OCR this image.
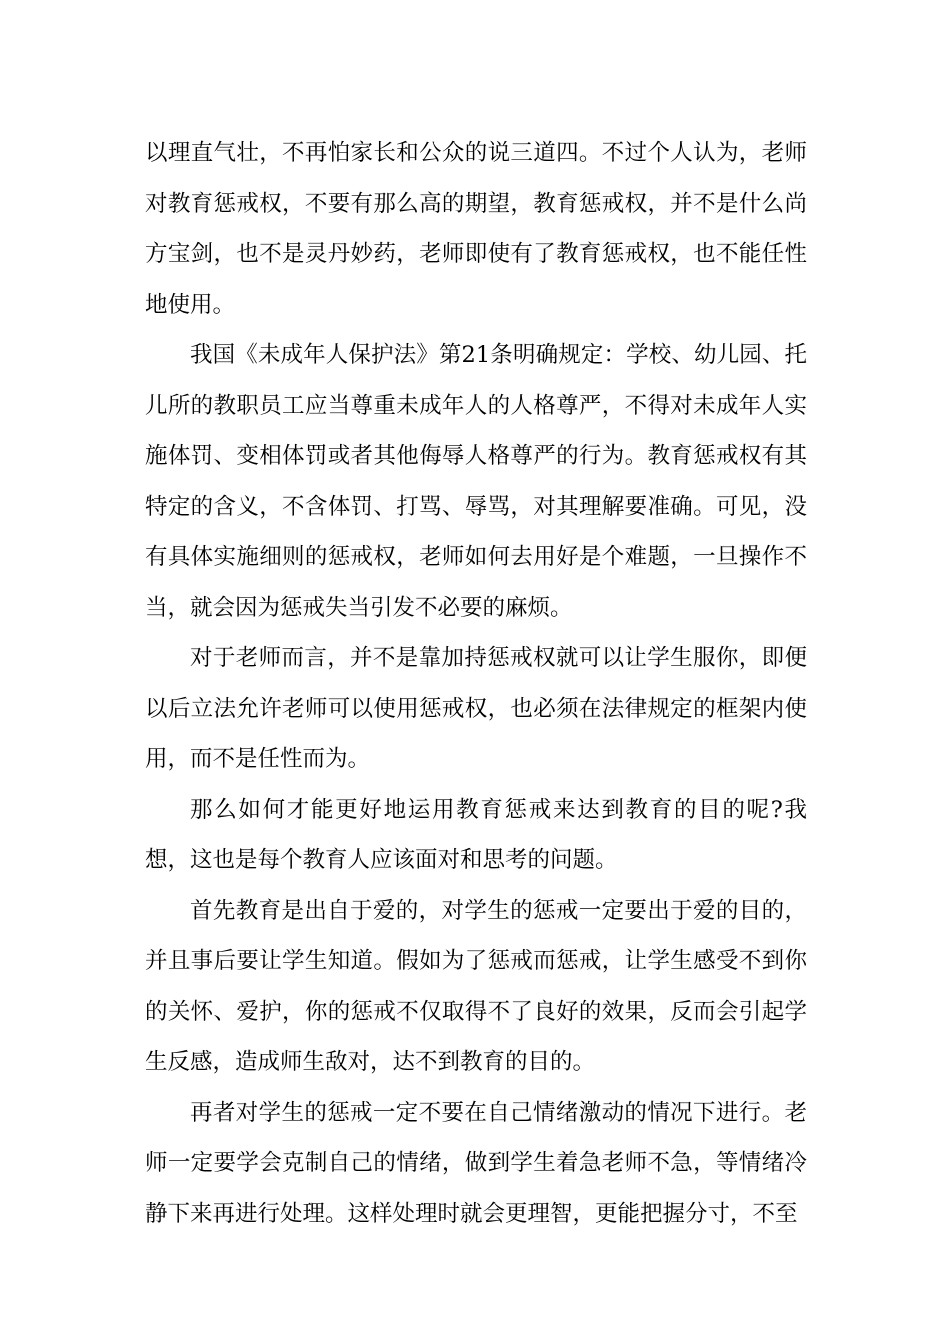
以理直气壮，不再怕家长和公众的说三道四。不过个人认为，老师对教育惩戒权，不要有那么高的期望，教育惩戒权，并不是什么尚方宝剑，也不是灵丹妙药，老师即使有了教育惩戒权，也不能任性地使用。

我国《未成年人保护法》第21条明确规定：学校、幼儿园、托儿所的教职员工应当尊重未成年人的人格尊严，不得对未成年人实施体罚、变相体罚或者其他侮辱人格尊严的行为。教育惩戒权有其特定的含义，不含体罚、打骂、辱骂，对其理解要准确。可见，没有具体实施细则的惩戒权，老师如何去用好是个难题，一旦操作不当，就会因为惩戒失当引发不必要的麻烦。

对于老师而言，并不是靠加持惩戒权就可以让学生服你，即便以后立法允许老师可以使用惩戒权，也必须在法律规定的框架内使用，而不是任性而为。

那么如何才能更好地运用教育惩戒来达到教育的目的呢?我想，这也是每个教育人应该面对和思考的问题。

首先教育是出自于爱的，对学生的惩戒一定要出于爱的目的，并且事后要让学生知道。假如为了惩戒而惩戒，让学生感受不到你的关怀、爱护，你的惩戒不仅取得不了良好的效果，反而会引起学生反感，造成师生敌对，达不到教育的目的。

再者对学生的惩戒一定不要在自己情绪激动的情况下进行。老师一定要学会克制自己的情绪，做到学生着急老师不急，等情绪冷静下来再进行处理。这样处理时就会更理智，更能把握分寸，不至
